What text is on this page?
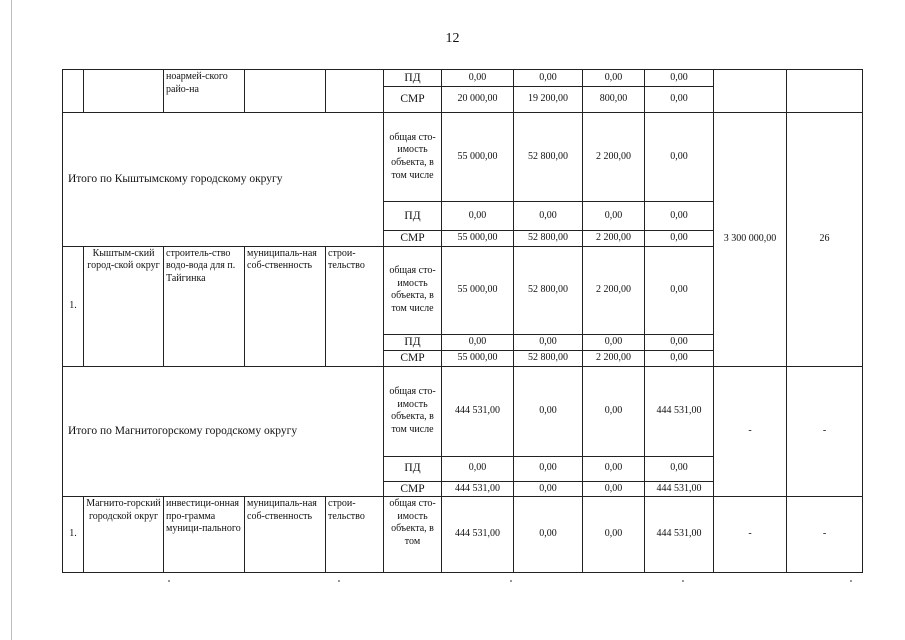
12
		ноармей-ского райо-на			ПД	0,00	0,00	0,00	0,00		
					СМР	20 000,00	19 200,00	800,00	0,00		
Итого по Кыштымскому городскому округу					общая сто-имость объекта, в том числе	55 000,00	52 800,00	2 200,00	0,00	3 300 000,00	26
					ПД	0,00	0,00	0,00	0,00		
					СМР	55 000,00	52 800,00	2 200,00	0,00		
1.	Кыштым-ский город-ской округ	строитель-ство водо-вода для п. Тайгинка	муниципаль-ная соб-ственность	строи-тельство	общая сто-имость объекта, в том числе	55 000,00	52 800,00	2 200,00	0,00		
					ПД	0,00	0,00	0,00	0,00		
					СМР	55 000,00	52 800,00	2 200,00	0,00		
Итого по Магнитогорскому городскому округу					общая сто-имость объекта, в том числе	444 531,00	0,00	0,00	444 531,00	-	-
					ПД	0,00	0,00	0,00	0,00		
					СМР	444 531,00	0,00	0,00	444 531,00		
1.	Магнито-горский городской округ	инвестици-онная про-грамма муници-пального	муниципаль-ная соб-ственность	строи-тельство	общая сто-имость объекта, в том	444 531,00	0,00	0,00	444 531,00	-	-
